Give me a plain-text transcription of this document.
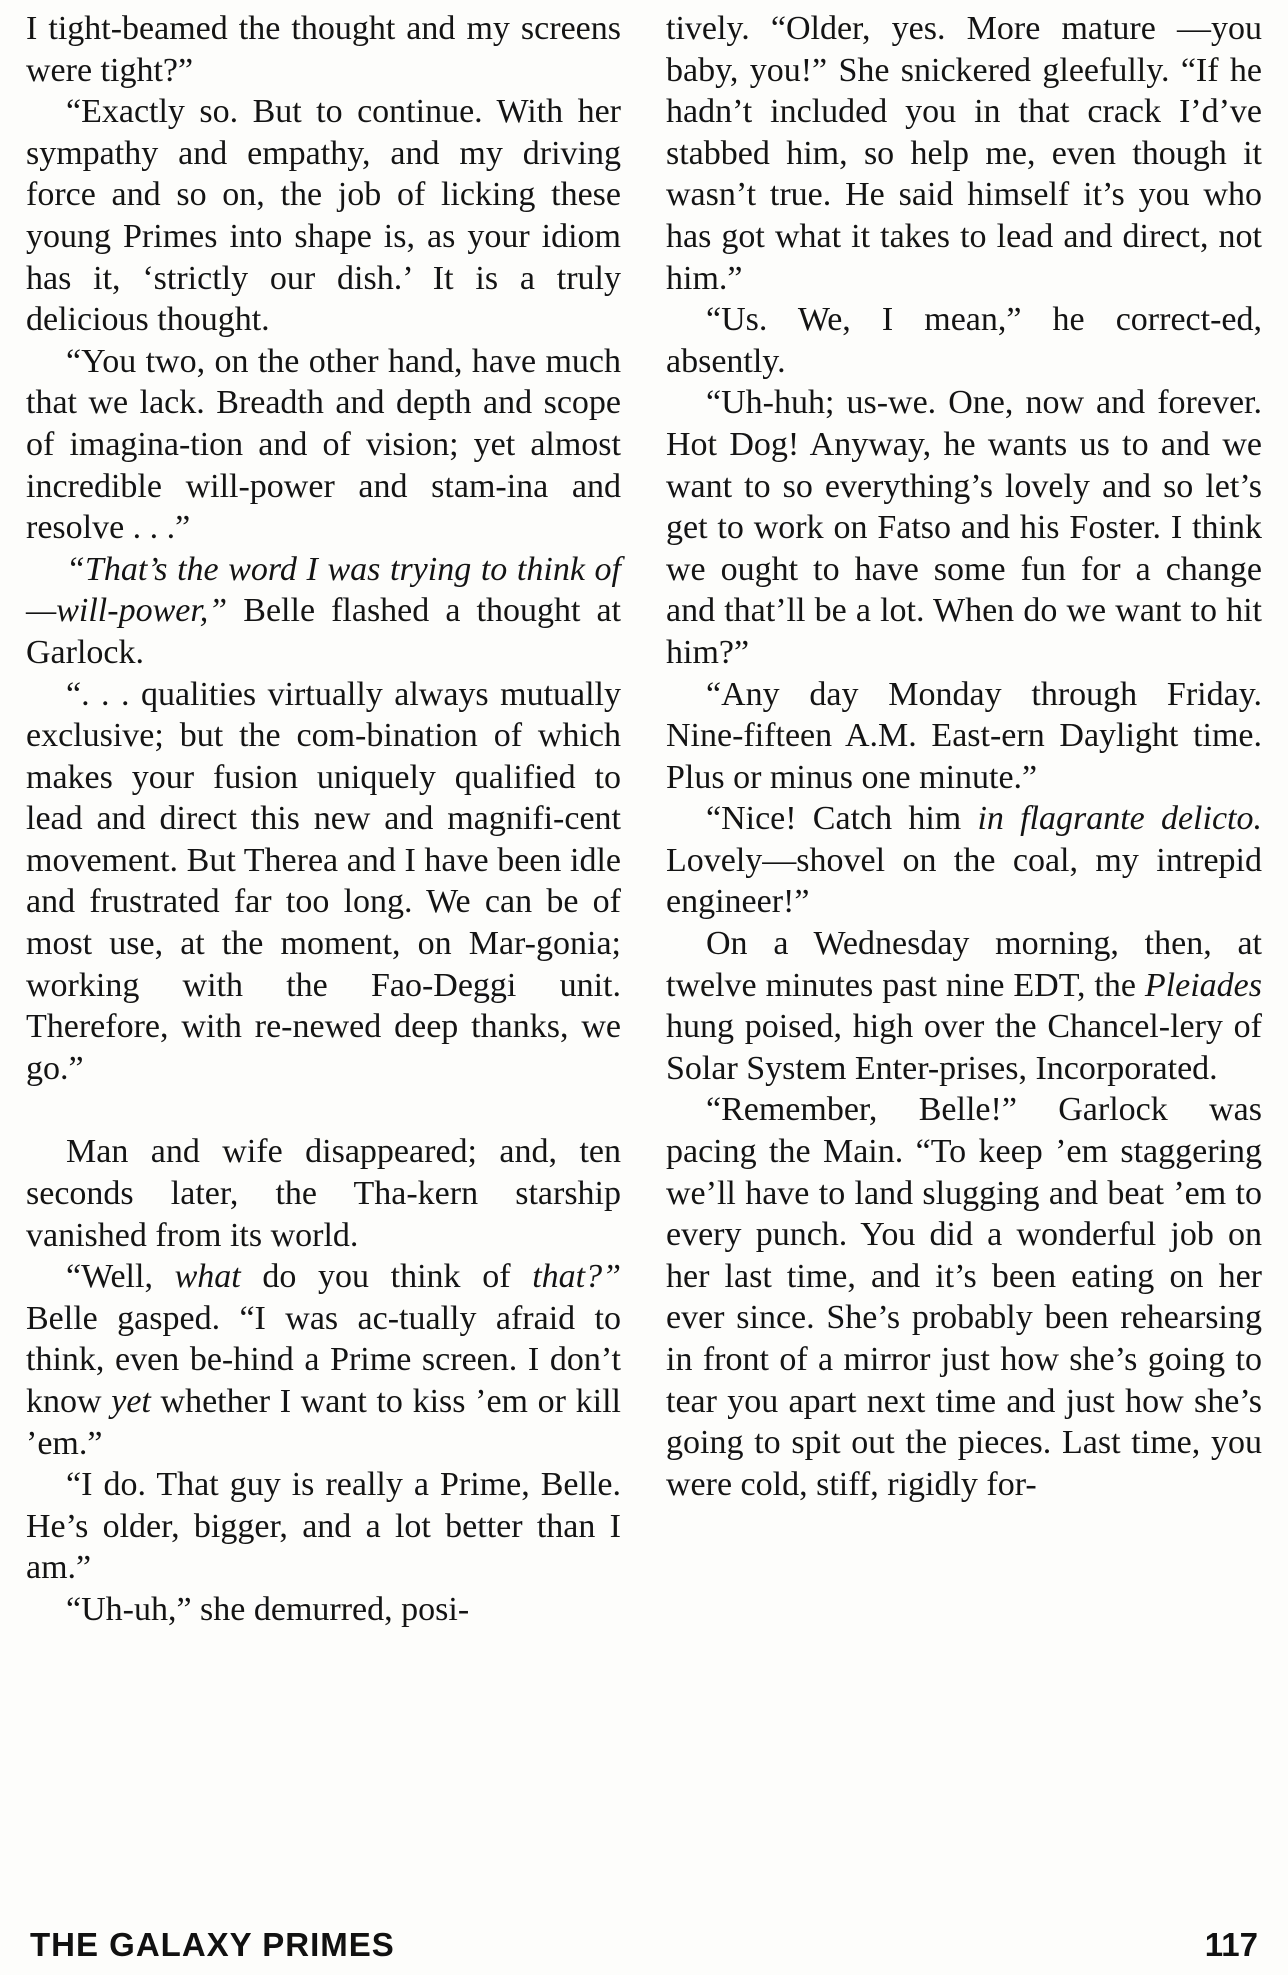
I tight-beamed the thought and my screens were tight?”

“Exactly so. But to continue. With her sympathy and empathy, and my driving force and so on, the job of licking these young Primes into shape is, as your idiom has it, ‘strictly our dish.’ It is a truly delicious thought.

“You two, on the other hand, have much that we lack. Breadth and depth and scope of imagina-tion and of vision; yet almost incredible will-power and stam-ina and resolve . . .”

“That’s the word I was trying to think of—will-power,” Belle flashed a thought at Garlock.

“. . . qualities virtually always mutually exclusive; but the com-bination of which makes your fusion uniquely qualified to lead and direct this new and magnifi-cent movement. But Therea and I have been idle and frustrated far too long. We can be of most use, at the moment, on Mar-gonia; working with the Fao-Deggi unit. Therefore, with re-newed deep thanks, we go.”

Man and wife disappeared; and, ten seconds later, the Tha-kern starship vanished from its world.

“Well, what do you think of that?” Belle gasped. “I was ac-tually afraid to think, even be-hind a Prime screen. I don’t know yet whether I want to kiss ’em or kill ’em.”

“I do. That guy is really a Prime, Belle. He’s older, bigger, and a lot better than I am.”

“Uh-uh,” she demurred, posi-

tively. “Older, yes. More mature —you baby, you!” She snickered gleefully. “If he hadn’t included you in that crack I’d’ve stabbed him, so help me, even though it wasn’t true. He said himself it’s you who has got what it takes to lead and direct, not him.”

“Us. We, I mean,” he correct-ed, absently.

“Uh-huh; us-we. One, now and forever. Hot Dog! Anyway, he wants us to and we want to so everything’s lovely and so let’s get to work on Fatso and his Foster. I think we ought to have some fun for a change and that’ll be a lot. When do we want to hit him?”

“Any day Monday through Friday. Nine-fifteen A.M. East-ern Daylight time. Plus or minus one minute.”

“Nice! Catch him in flagrante delicto. Lovely—shovel on the coal, my intrepid engineer!”

On a Wednesday morning, then, at twelve minutes past nine EDT, the Pleiades hung poised, high over the Chancel-lery of Solar System Enter-prises, Incorporated.

“Remember, Belle!” Garlock was pacing the Main. “To keep ’em staggering we’ll have to land slugging and beat ’em to every punch. You did a wonderful job on her last time, and it’s been eating on her ever since. She’s probably been rehearsing in front of a mirror just how she’s going to tear you apart next time and just how she’s going to spit out the pieces. Last time, you were cold, stiff, rigidly for-

THE GALAXY PRIMES	117
